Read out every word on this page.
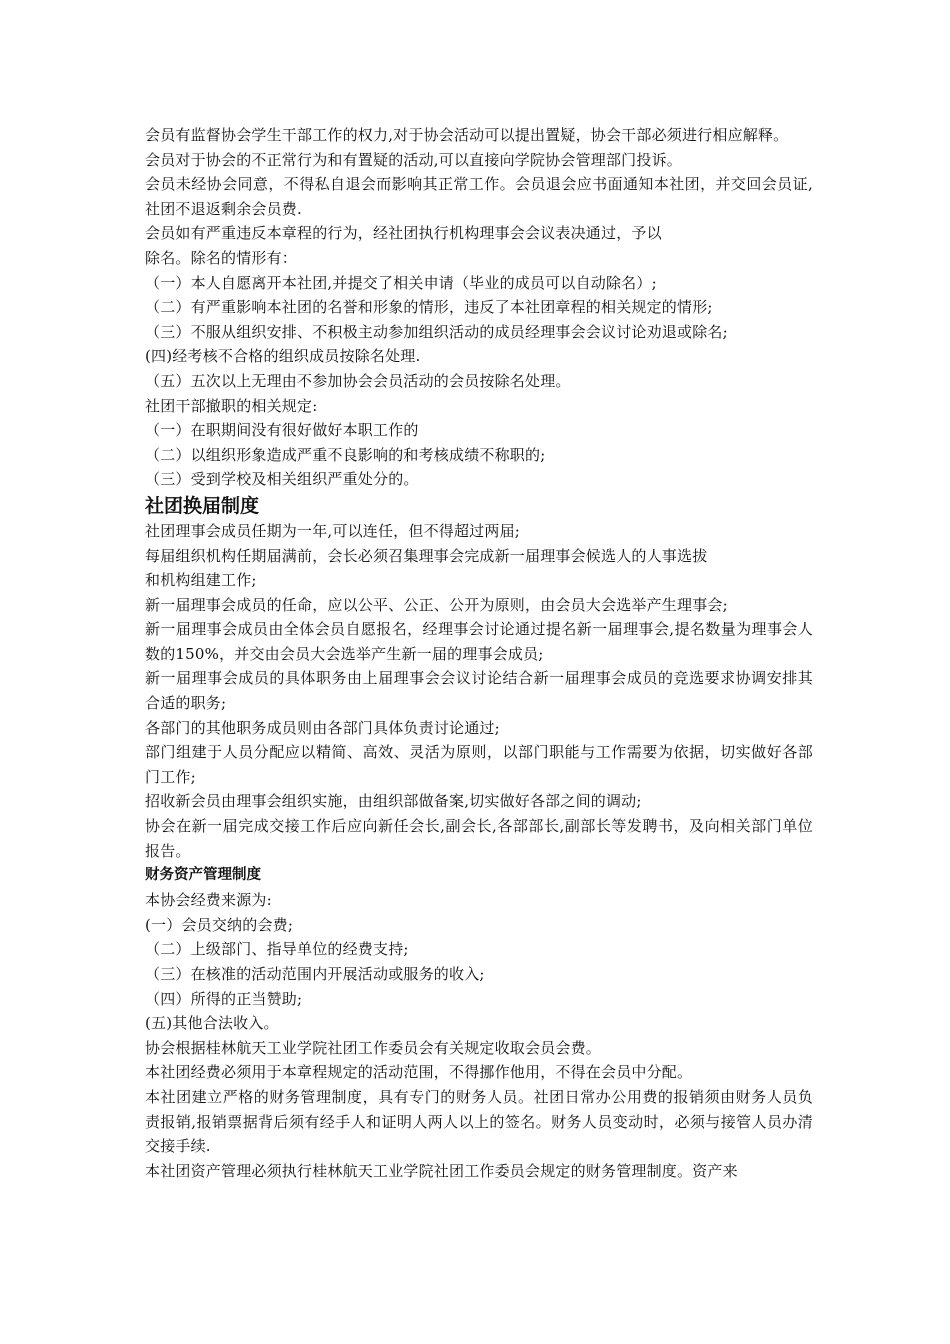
会员有监督协会学生干部工作的权力,对于协会活动可以提出置疑，协会干部必须进行相应解释。
会员对于协会的不正常行为和有置疑的活动,可以直接向学院协会管理部门投诉。
会员未经协会同意，不得私自退会而影响其正常工作。会员退会应书面通知本社团，并交回会员证,社团不退返剩余会员费.
会员如有严重违反本章程的行为，经社团执行机构理事会会议表决通过，予以
除名。除名的情形有：
（一）本人自愿离开本社团,并提交了相关申请（毕业的成员可以自动除名）;
（二）有严重影响本社团的名誉和形象的情形，违反了本社团章程的相关规定的情形;
（三）不服从组织安排、不积极主动参加组织活动的成员经理事会会议讨论劝退或除名;
(四)经考核不合格的组织成员按除名处理.
（五）五次以上无理由不参加协会会员活动的会员按除名处理。
社团干部撤职的相关规定:
（一）在职期间没有很好做好本职工作的
（二）以组织形象造成严重不良影响的和考核成绩不称职的;
（三）受到学校及相关组织严重处分的。
社团换届制度
社团理事会成员任期为一年,可以连任，但不得超过两届;
每届组织机构任期届满前，会长必须召集理事会完成新一届理事会候选人的人事选拔
和机构组建工作;
新一届理事会成员的任命，应以公平、公正、公开为原则，由会员大会选举产生理事会;
新一届理事会成员由全体会员自愿报名，经理事会讨论通过提名新一届理事会,提名数量为理事会人数的150%，并交由会员大会选举产生新一届的理事会成员;
新一届理事会成员的具体职务由上届理事会会议讨论结合新一届理事会成员的竞选要求协调安排其合适的职务;
各部门的其他职务成员则由各部门具体负责讨论通过;
部门组建于人员分配应以精简、高效、灵活为原则，以部门职能与工作需要为依据，切实做好各部门工作;
招收新会员由理事会组织实施，由组织部做备案,切实做好各部之间的调动;
协会在新一届完成交接工作后应向新任会长,副会长,各部部长,副部长等发聘书，及向相关部门单位报告。
财务资产管理制度
本协会经费来源为:
(一）会员交纳的会费;
（二）上级部门、指导单位的经费支持;
（三）在核准的活动范围内开展活动或服务的收入;
（四）所得的正当赞助;
(五)其他合法收入。
协会根据桂林航天工业学院社团工作委员会有关规定收取会员会费。
本社团经费必须用于本章程规定的活动范围，不得挪作他用，不得在会员中分配。
本社团建立严格的财务管理制度，具有专门的财务人员。社团日常办公用费的报销须由财务人员负责报销,报销票据背后须有经手人和证明人两人以上的签名。财务人员变动时，必须与接管人员办清交接手续.
本社团资产管理必须执行桂林航天工业学院社团工作委员会规定的财务管理制度。资产来
